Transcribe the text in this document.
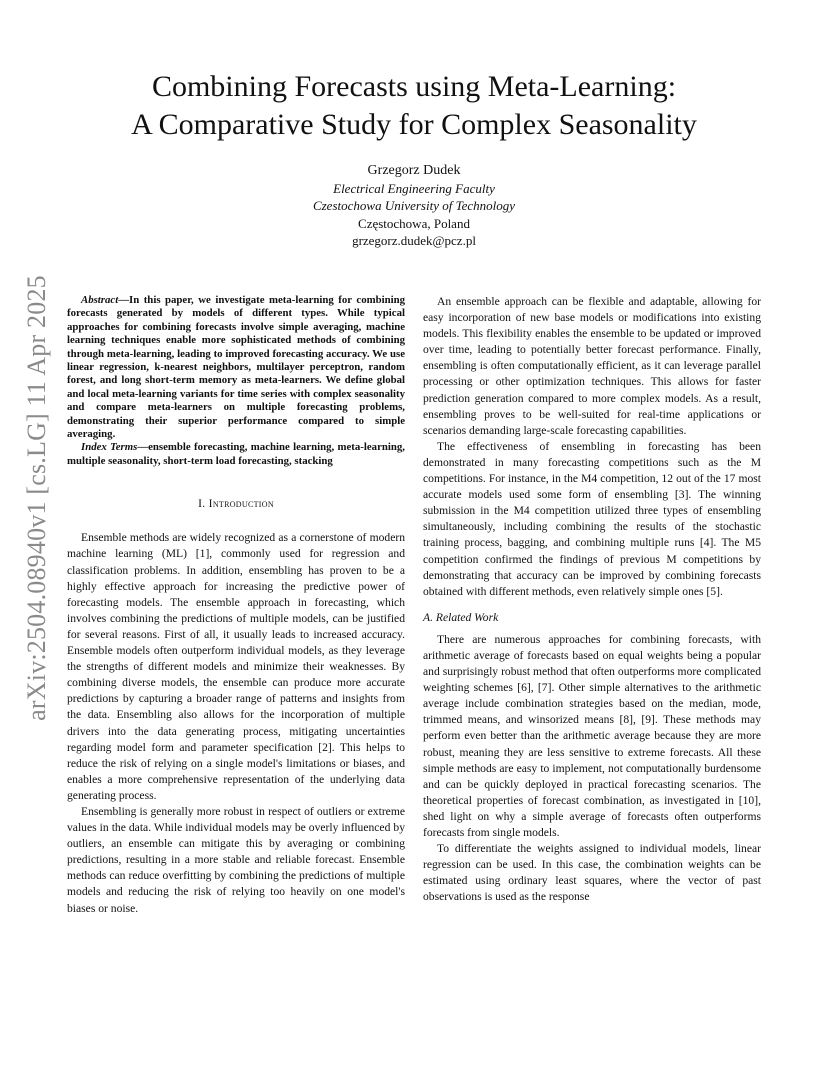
arXiv:2504.08940v1 [cs.LG] 11 Apr 2025
Combining Forecasts using Meta-Learning:
A Comparative Study for Complex Seasonality
Grzegorz Dudek
Electrical Engineering Faculty
Czestochowa University of Technology
Częstochowa, Poland
grzegorz.dudek@pcz.pl

Abstract—In this paper, we investigate meta-learning for combining forecasts generated by models of different types. While typical approaches for combining forecasts involve simple averaging, machine learning techniques enable more sophisticated methods of combining through meta-learning, leading to improved forecasting accuracy. We use linear regression, k-nearest neighbors, multilayer perceptron, random forest, and long short-term memory as meta-learners. We define global and local meta-learning variants for time series with complex seasonality and compare meta-learners on multiple forecasting problems, demonstrating their superior performance compared to simple averaging.

Index Terms—ensemble forecasting, machine learning, meta-learning, multiple seasonality, short-term load forecasting, stacking

I. Introduction

Ensemble methods are widely recognized as a cornerstone of modern machine learning (ML) [1], commonly used for regression and classification problems. In addition, ensembling has proven to be a highly effective approach for increasing the predictive power of forecasting models. The ensemble approach in forecasting, which involves combining the predictions of multiple models, can be justified for several reasons. First of all, it usually leads to increased accuracy. Ensemble models often outperform individual models, as they leverage the strengths of different models and minimize their weaknesses. By combining diverse models, the ensemble can produce more accurate predictions by capturing a broader range of patterns and insights from the data. Ensembling also allows for the incorporation of multiple drivers into the data generating process, mitigating uncertainties regarding model form and parameter specification [2]. This helps to reduce the risk of relying on a single model's limitations or biases, and enables a more comprehensive representation of the underlying data generating process.

Ensembling is generally more robust in respect of outliers or extreme values in the data. While individual models may be overly influenced by outliers, an ensemble can mitigate this by averaging or combining predictions, resulting in a more stable and reliable forecast. Ensemble methods can reduce overfitting by combining the predictions of multiple models and reducing the risk of relying too heavily on one model's biases or noise.

An ensemble approach can be flexible and adaptable, allowing for easy incorporation of new base models or modifications into existing models. This flexibility enables the ensemble to be updated or improved over time, leading to potentially better forecast performance. Finally, ensembling is often computationally efficient, as it can leverage parallel processing or other optimization techniques. This allows for faster prediction generation compared to more complex models. As a result, ensembling proves to be well-suited for real-time applications or scenarios demanding large-scale forecasting capabilities.

The effectiveness of ensembling in forecasting has been demonstrated in many forecasting competitions such as the M competitions. For instance, in the M4 competition, 12 out of the 17 most accurate models used some form of ensembling [3]. The winning submission in the M4 competition utilized three types of ensembling simultaneously, including combining the results of the stochastic training process, bagging, and combining multiple runs [4]. The M5 competition confirmed the findings of previous M competitions by demonstrating that accuracy can be improved by combining forecasts obtained with different methods, even relatively simple ones [5].

A. Related Work

There are numerous approaches for combining forecasts, with arithmetic average of forecasts based on equal weights being a popular and surprisingly robust method that often outperforms more complicated weighting schemes [6], [7]. Other simple alternatives to the arithmetic average include combination strategies based on the median, mode, trimmed means, and winsorized means [8], [9]. These methods may perform even better than the arithmetic average because they are more robust, meaning they are less sensitive to extreme forecasts. All these simple methods are easy to implement, not computationally burdensome and can be quickly deployed in practical forecasting scenarios. The theoretical properties of forecast combination, as investigated in [10], shed light on why a simple average of forecasts often outperforms forecasts from single models.

To differentiate the weights assigned to individual models, linear regression can be used. In this case, the combination weights can be estimated using ordinary least squares, where the vector of past observations is used as the response
